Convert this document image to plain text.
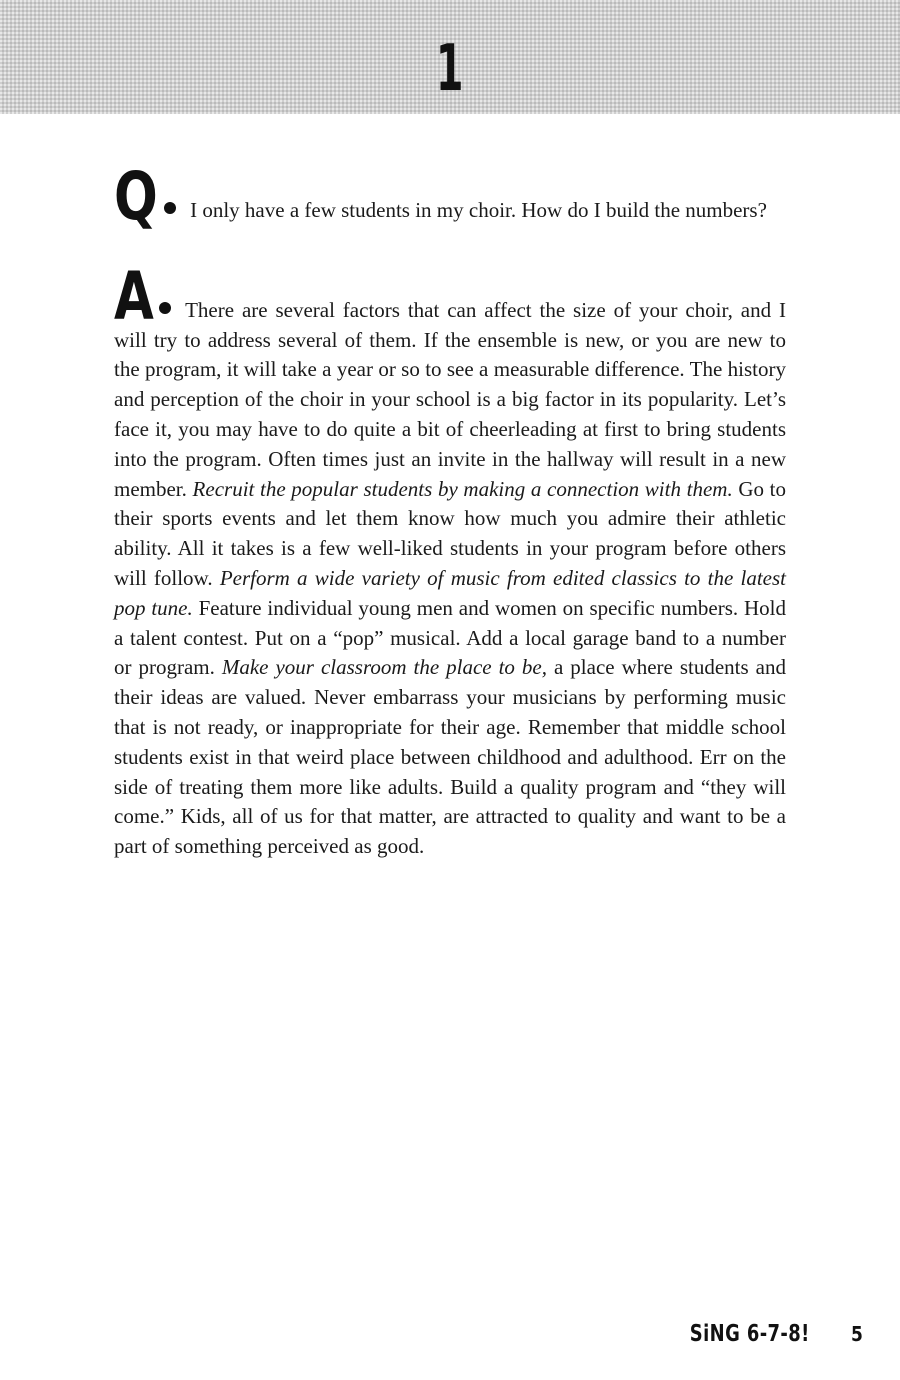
1

Q I only have a few students in my choir. How do I build the numbers?

A There are several factors that can affect the size of your choir, and I will try to address several of them. If the ensemble is new, or you are new to the program, it will take a year or so to see a measurable difference. The history and perception of the choir in your school is a big factor in its popularity. Let’s face it, you may have to do quite a bit of cheerleading at first to bring students into the program. Often times just an invite in the hallway will result in a new member. Recruit the popular students by making a connection with them. Go to their sports events and let them know how much you admire their athletic ability. All it takes is a few well-liked students in your program before others will follow. Perform a wide variety of music from edited classics to the latest pop tune. Feature individual young men and women on specific numbers. Hold a talent contest. Put on a “pop” musical. Add a local garage band to a number or program. Make your classroom the place to be, a place where students and their ideas are valued. Never embarrass your musicians by performing music that is not ready, or inappropriate for their age. Remember that middle school students exist in that weird place between childhood and adulthood. Err on the side of treating them more like adults. Build a quality program and “they will come.” Kids, all of us for that matter, are attracted to quality and want to be a part of something perceived as good.

SiNG 6-7-8! 5
